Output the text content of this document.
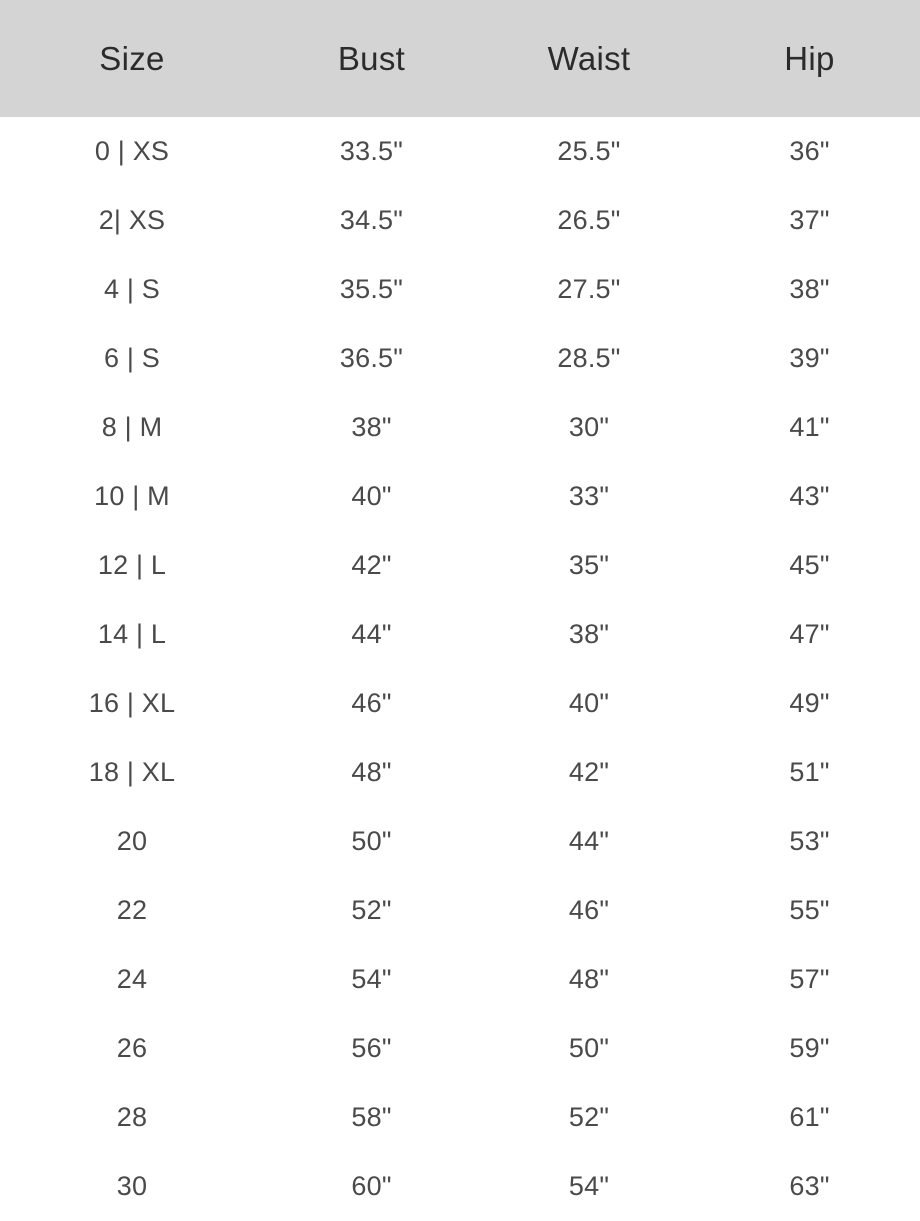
Size	Bust	Waist	Hip
0 | XS	33.5"	25.5"	36"
2| XS	34.5"	26.5"	37"
4 | S	35.5"	27.5"	38"
6 | S	36.5"	28.5"	39"
8 | M	38"	30"	41"
10 | M	40"	33"	43"
12 | L	42"	35"	45"
14 | L	44"	38"	47"
16 | XL	46"	40"	49"
18 | XL	48"	42"	51"
20	50"	44"	53"
22	52"	46"	55"
24	54"	48"	57"
26	56"	50"	59"
28	58"	52"	61"
30	60"	54"	63"
